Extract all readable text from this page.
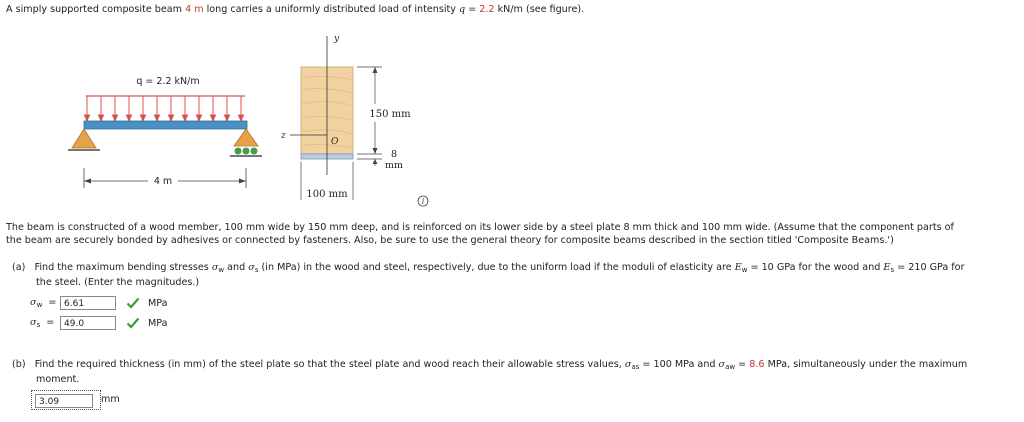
A simply supported composite beam 4 m long carries a uniformly distributed load of intensity q = 2.2 kN/m (see figure).
q = 2.2 kN/m
4 m
y
z
O
150 mm
8
mm
100 mm
i
The beam is constructed of a wood member, 100 mm wide by 150 mm deep, and is reinforced on its lower side by a steel plate 8 mm thick and 100 mm wide. (Assume that the component parts of
the beam are securely bonded by adhesives or connected by fasteners. Also, be sure to use the general theory for composite beams described in the section titled 'Composite Beams.')
(a) Find the maximum bending stresses $\sigma_w$ and $\sigma_s$ (in MPa) in the wood and steel, respectively, due to the uniform load if the moduli of elasticity are $E_w = 10$ GPa for the wood and $E_s = 210$ GPa for
the steel. (Enter the magnitudes.)
$\sigma_w = 6.61$	MPa
$\sigma_s$ =	49.0	MPa
(b) Find the required thickness (in mm) of the steel plate so that the steel plate and wood reach their allowable stress values, $\sigma_{as} = 100$ MPa and $\sigma_{aw} = 8.6$ MPa, simultaneously under the maximum
moment.
3.09	mm
